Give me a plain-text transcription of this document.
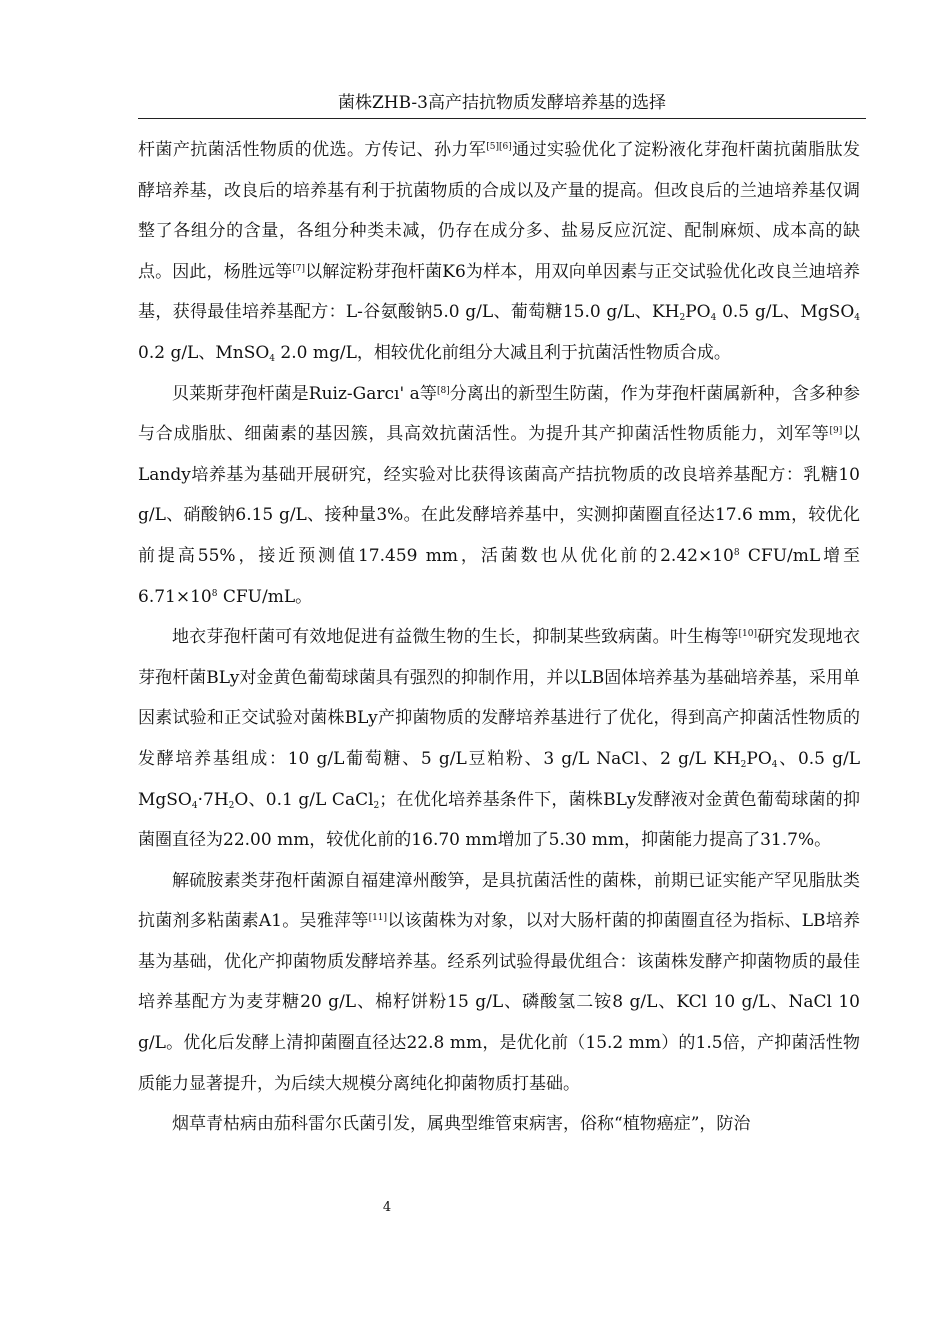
菌株ZHB-3高产拮抗物质发酵培养基的选择

杆菌产抗菌活性物质的优选。方传记、孙力军[5][6]通过实验优化了淀粉液化芽孢杆菌抗菌脂肽发酵培养基，改良后的培养基有利于抗菌物质的合成以及产量的提高。但改良后的兰迪培养基仅调整了各组分的含量，各组分种类未减，仍存在成分多、盐易反应沉淀、配制麻烦、成本高的缺点。因此，杨胜远等[7]以解淀粉芽孢杆菌K6为样本，用双向单因素与正交试验优化改良兰迪培养基，获得最佳培养基配方：L-谷氨酸钠5.0 g/L、葡萄糖15.0 g/L、$KH_2PO_4$ 0.5 g/L、MgSO$_4$ 0.2 g/L、MnSO$_4$ 2.0 mg/L，相较优化前组分大减且利于抗菌活性物质合成。

贝莱斯芽孢杆菌是Ruiz-Garcı' a等[8]分离出的新型生防菌，作为芽孢杆菌属新种，含多种参与合成脂肽、细菌素的基因簇，具高效抗菌活性。为提升其产抑菌活性物质能力，刘军等[9]以Landy培养基为基础开展研究，经实验对比获得该菌高产拮抗物质的改良培养基配方：乳糖10 g/L、硝酸钠6.15 g/L、接种量3%。在此发酵培养基中，实测抑菌圈直径达17.6 mm，较优化前提高55%，接近预测值17.459 mm，活菌数也从优化前的$2.42\times 10^8$ CFU/mL增至$6.71\times 10^8$ CFU/mL。

地衣芽孢杆菌可有效地促进有益微生物的生长，抑制某些致病菌。叶生梅等[10]研究发现地衣芽孢杆菌BLy对金黄色葡萄球菌具有强烈的抑制作用，并以LB固体培养基为基础培养基，采用单因素试验和正交试验对菌株BLy产抑菌物质的发酵培养基进行了优化，得到高产抑菌活性物质的发酵培养基组成：10 g/L葡萄糖、5 g/L豆粕粉、3 g/L NaCl、2 g/L $KH_2PO_4$、0.5 g/L $MgSO_4\cdot 7H_2O$、0.1 g/L CaCl$_2$；在优化培养基条件下，菌株BLy发酵液对金黄色葡萄球菌的抑菌圈直径为22.00 mm，较优化前的16.70 mm增加了5.30 mm，抑菌能力提高了31.7%。

解硫胺素类芽孢杆菌源自福建漳州酸笋，是具抗菌活性的菌株，前期已证实能产罕见脂肽类抗菌剂多粘菌素A1。吴雅萍等[11]以该菌株为对象，以对大肠杆菌的抑菌圈直径为指标、LB培养基为基础，优化产抑菌物质发酵培养基。经系列试验得最优组合：该菌株发酵产抑菌物质的最佳培养基配方为麦芽糖20 g/L、棉籽饼粉15 g/L、磷酸氢二铵8 g/L、KCl 10 g/L、NaCl 10 g/L。优化后发酵上清抑菌圈直径达22.8 mm，是优化前（15.2 mm）的1.5倍，产抑菌活性物质能力显著提升，为后续大规模分离纯化抑菌物质打基础。

烟草青枯病由茄科雷尔氏菌引发，属典型维管束病害，俗称“植物癌症”，防治

4
